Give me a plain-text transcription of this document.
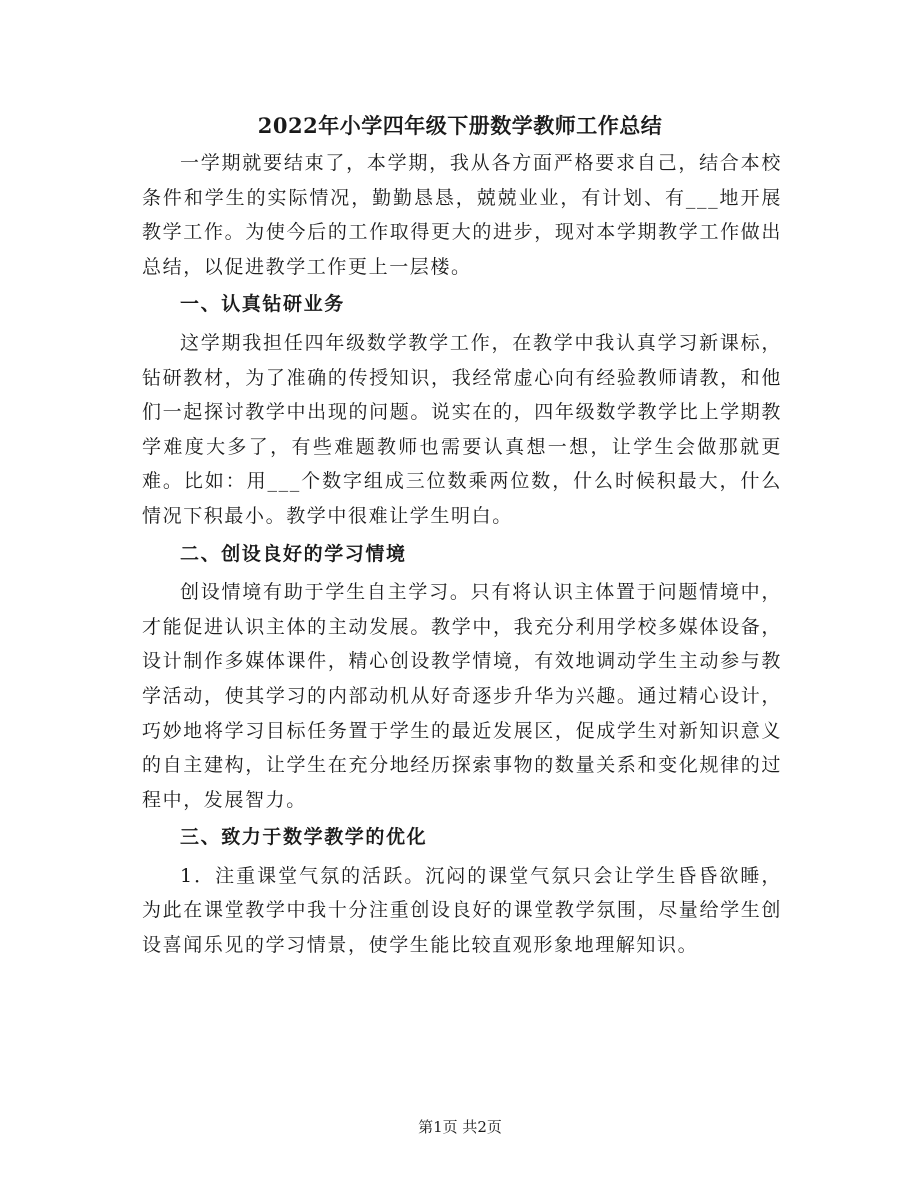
2022年小学四年级下册数学教师工作总结

一学期就要结束了，本学期，我从各方面严格要求自己，结合本校条件和学生的实际情况，勤勤恳恳，兢兢业业，有计划、有___地开展教学工作。为使今后的工作取得更大的进步，现对本学期教学工作做出总结，以促进教学工作更上一层楼。

一、认真钻研业务

这学期我担任四年级数学教学工作，在教学中我认真学习新课标，钻研教材，为了准确的传授知识，我经常虚心向有经验教师请教，和他们一起探讨教学中出现的问题。说实在的，四年级数学教学比上学期教学难度大多了，有些难题教师也需要认真想一想，让学生会做那就更难。比如：用___个数字组成三位数乘两位数，什么时候积最大，什么情况下积最小。教学中很难让学生明白。

二、创设良好的学习情境

创设情境有助于学生自主学习。只有将认识主体置于问题情境中，才能促进认识主体的主动发展。教学中，我充分利用学校多媒体设备，设计制作多媒体课件，精心创设教学情境，有效地调动学生主动参与教学活动，使其学习的内部动机从好奇逐步升华为兴趣。通过精心设计，巧妙地将学习目标任务置于学生的最近发展区，促成学生对新知识意义的自主建构，让学生在充分地经历探索事物的数量关系和变化规律的过程中，发展智力。

三、致力于数学教学的优化

1．注重课堂气氛的活跃。沉闷的课堂气氛只会让学生昏昏欲睡，为此在课堂教学中我十分注重创设良好的课堂教学氛围，尽量给学生创设喜闻乐见的学习情景，使学生能比较直观形象地理解知识。

第1页 共2页
